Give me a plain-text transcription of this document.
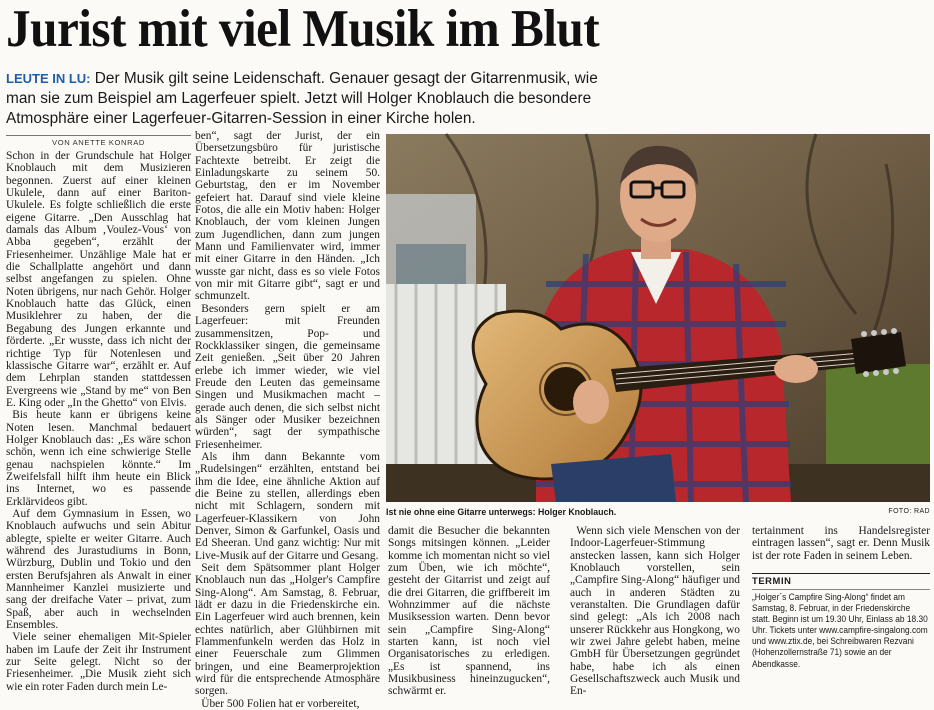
Jurist mit viel Musik im Blut
LEUTE IN LU: Der Musik gilt seine Leidenschaft. Genauer gesagt der Gitarrenmusik, wie man sie zum Beispiel am Lagerfeuer spielt. Jetzt will Holger Knoblauch die besondere Atmosphäre einer Lagerfeuer-Gitarren-Session in einer Kirche holen.
VON ANETTE KONRAD

Schon in der Grundschule hat Holger Knoblauch mit dem Musizieren begonnen. Zuerst auf einer kleinen Ukulele, dann auf einer Bariton-Ukulele. Es folgte schließlich die erste eigene Gitarre. „Den Ausschlag hat damals das Album ‚Voulez-Vous‘ von Abba gegeben“, erzählt der Friesenheimer. Unzählige Male hat er die Schallplatte angehört und dann selbst angefangen zu spielen. Ohne Noten übrigens, nur nach Gehör. Holger Knoblauch hatte das Glück, einen Musiklehrer zu haben, der die Begabung des Jungen erkannte und förderte. „Er wusste, dass ich nicht der richtige Typ für Notenlesen und klassische Gitarre war“, erzählt er. Auf dem Lehrplan standen stattdessen Evergreens wie „Stand by me“ von Ben E. King oder „In the Ghetto“ von Elvis.

Bis heute kann er übrigens keine Noten lesen. Manchmal bedauert Holger Knoblauch das: „Es wäre schon schön, wenn ich eine schwierige Stelle genau nachspielen könnte.“ Im Zweifelsfall hilft ihm heute ein Blick ins Internet, wo es passende Erklärvideos gibt.

Auf dem Gymnasium in Essen, wo Knoblauch aufwuchs und sein Abitur ablegte, spielte er weiter Gitarre. Auch während des Jurastudiums in Bonn, Würzburg, Dublin und Tokio und den ersten Berufsjahren als Anwalt in einer Mannheimer Kanzlei musizierte und sang der dreifache Vater – privat, zum Spaß, aber auch in wechselnden Ensembles.

Viele seiner ehemaligen Mit-Spieler haben im Laufe der Zeit ihr Instrument zur Seite gelegt. Nicht so der Friesenheimer. „Die Musik zieht sich wie ein roter Faden durch mein Le-

ben“, sagt der Jurist, der ein Übersetzungsbüro für juristische Fachtexte betreibt. Er zeigt die Einladungskarte zu seinem 50. Geburtstag, den er im November gefeiert hat. Darauf sind viele kleine Fotos, die alle ein Motiv haben: Holger Knoblauch, der vom kleinen Jungen zum Jugendlichen, dann zum jungen Mann und Familienvater wird, immer mit einer Gitarre in den Händen. „Ich wusste gar nicht, dass es so viele Fotos von mir mit Gitarre gibt“, sagt er und schmunzelt.

Besonders gern spielt er am Lagerfeuer: mit Freunden zusammensitzen, Pop- und Rockklassiker singen, die gemeinsame Zeit genießen. „Seit über 20 Jahren erlebe ich immer wieder, wie viel Freude den Leuten das gemeinsame Singen und Musikmachen macht – gerade auch denen, die sich selbst nicht als Sänger oder Musiker bezeichnen würden“, sagt der sympathische Friesenheimer.

Als ihm dann Bekannte vom „Rudelsingen“ erzählten, entstand bei ihm die Idee, eine ähnliche Aktion auf die Beine zu stellen, allerdings eben nicht mit Schlagern, sondern mit Lagerfeuer-Klassikern von John Denver, Simon & Garfunkel, Oasis und Ed Sheeran. Und ganz wichtig: Nur mit Live-Musik auf der Gitarre und Gesang.

Seit dem Spätsommer plant Holger Knoblauch nun das „Holger's Campfire Sing-Along“. Am Samstag, 8. Februar, lädt er dazu in die Friedenskirche ein. Ein Lagerfeuer wird auch brennen, kein echtes natürlich, aber Glühbirnen mit Flammenfunkeln werden das Holz in einer Feuerschale zum Glimmen bringen, und eine Beamerprojektion wird für die entsprechende Atmosphäre sorgen.

Über 500 Folien hat er vorbereitet,

Ist nie ohne eine Gitarre unterwegs: Holger Knoblauch.	FOTO: RAD

damit die Besucher die bekannten Songs mitsingen können. „Leider komme ich momentan nicht so viel zum Üben, wie ich möchte“, gesteht der Gitarrist und zeigt auf die drei Gitarren, die griffbereit im Wohnzimmer auf die nächste Musiksession warten. Denn bevor sein „Campfire Sing-Along“ starten kann, ist noch viel Organisatorisches zu erledigen. „Es ist spannend, ins Musikbusiness hineinzugucken“, schwärmt er.

Wenn sich viele Menschen von der Indoor-Lagerfeuer-Stimmung anstecken lassen, kann sich Holger Knoblauch vorstellen, sein „Campfire Sing-Along“ häufiger und auch in anderen Städten zu veranstalten. Die Grundlagen dafür sind gelegt: „Als ich 2008 nach unserer Rückkehr aus Hongkong, wo wir zwei Jahre gelebt haben, meine GmbH für Übersetzungen gegründet habe, habe ich als einen Gesellschaftszweck auch Musik und En-

tertainment ins Handelsregister eintragen lassen“, sagt er. Denn Musik ist der rote Faden in seinem Leben.

TERMIN
„Holger´s Campfire Sing-Along“ findet am Samstag, 8. Februar, in der Friedenskirche statt. Beginn ist um 19.30 Uhr, Einlass ab 18.30 Uhr. Tickets unter www.campfire-singalong.com und www.ztix.de, bei Schreibwaren Rezvani (Hohenzollernstraße 71) sowie an der Abendkasse.
